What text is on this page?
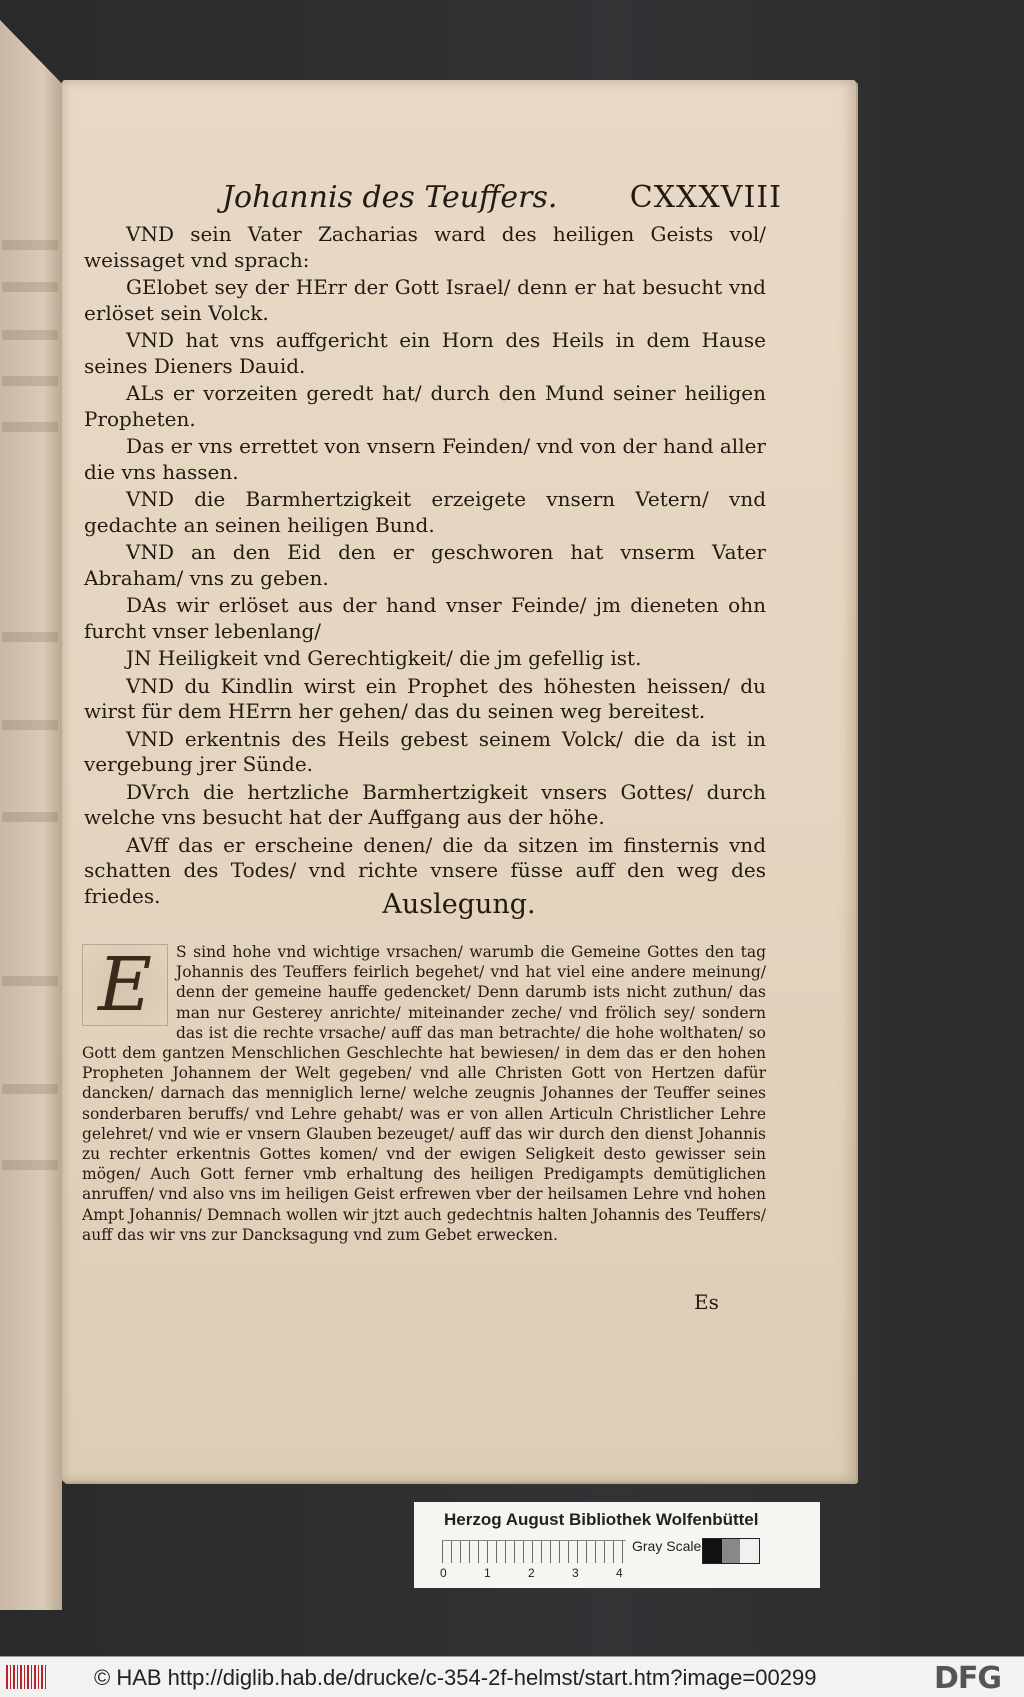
Johannis des Teuffers. CXXXVIII

VND sein Vater Zacharias ward des heiligen Geists vol/ weissaget vnd sprach:

GElobet sey der HErr der Gott Israel/ denn er hat besucht vnd erlöset sein Volck.

VND hat vns auffgericht ein Horn des Heils in dem Hause seines Dieners Dauid.

ALs er vorzeiten geredt hat/ durch den Mund seiner heiligen Propheten.

Das er vns errettet von vnsern Feinden/ vnd von der hand aller die vns hassen.

VND die Barmhertzigkeit erzeigete vnsern Vetern/ vnd gedachte an seinen heiligen Bund.

VND an den Eid den er geschworen hat vnserm Vater Abraham/ vns zu geben.

DAs wir erlöset aus der hand vnser Feinde/ jm dieneten ohn furcht vnser lebenlang/

JN Heiligkeit vnd Gerechtigkeit/ die jm gefellig ist.

VND du Kindlin wirst ein Prophet des höhesten heissen/ du wirst für dem HErrn her gehen/ das du seinen weg bereitest.

VND erkentnis des Heils gebest seinem Volck/ die da ist in vergebung jrer Sünde.

DVrch die hertzliche Barmhertzigkeit vnsers Gottes/ durch welche vns besucht hat der Auffgang aus der höhe.

AVff das er erscheine denen/ die da sitzen im finsternis vnd schatten des Todes/ vnd richte vnsere füsse auff den weg des friedes.	Auslegung.
E	S sind hohe vnd wichtige vrsachen/ warumb die Gemeine Gottes den tag Johannis des Teuffers feirlich begehet/ vnd hat viel eine andere meinung/ denn der gemeine hauffe gedencket/ Denn darumb ists nicht zuthun/ das man nur Gesterey anrichte/ miteinander zeche/ vnd frölich sey/ sondern das ist die rechte vrsache/ auff das man betrachte/ die hohe wolthaten/ so Gott dem gantzen Menschlichen Geschlechte hat bewiesen/ in dem das er den hohen Propheten Johannem der Welt gegeben/ vnd alle Christen Gott von Hertzen dafür dancken/ darnach das menniglich lerne/ welche zeugnis Johannes der Teuffer seines sonderbaren beruffs/ vnd Lehre gehabt/ was er von allen Articuln Christlicher Lehre gelehret/ vnd wie er vnsern Glauben bezeuget/ auff das wir durch den dienst Johannis zu rechter erkentnis Gottes komen/ vnd der ewigen Seligkeit desto gewisser sein mögen/ Auch Gott ferner vmb erhaltung des heiligen Predigampts demütiglichen anruffen/ vnd also vns im heiligen Geist erfrewen vber der heilsamen Lehre vnd hohen Ampt Johannis/ Demnach wollen wir jtzt auch gedechtnis halten Johannis des Teuffers/ auff das wir vns zur Dancksagung vnd zum Gebet erwecken.
Es
Herzog August Bibliothek Wolfenbüttel
0	1	2	3	4
Gray Scale
© HAB http://diglib.hab.de/drucke/c-354-2f-helmst/start.htm?image=00299	DFG
